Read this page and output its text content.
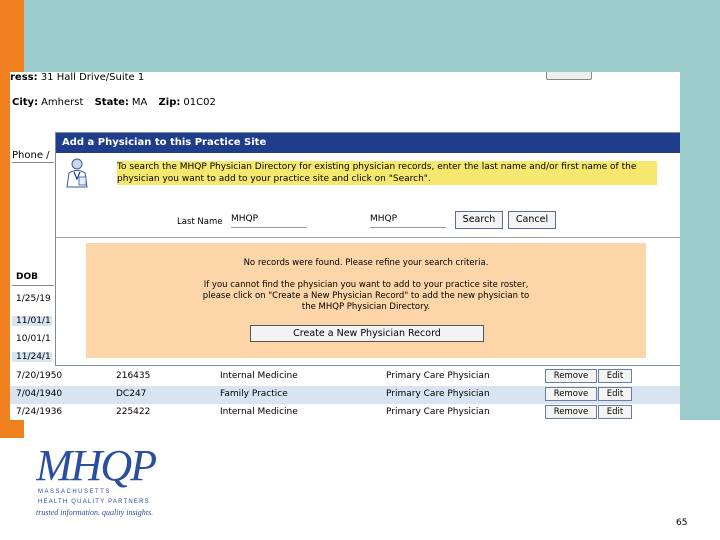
ress: 31 Hall Drive/Suite 1
City: Amherst State: MA Zip: 01C02
Phone /
DOB
1/25/19
11/01/1
10/01/1
11/24/1
7/20/1950	216435	Internal Medicine	Primary Care Physician	Remove	Edit
7/04/1940	DC247	Family Practice	Primary Care Physician	Remove	Edit
7/24/1936	225422	Internal Medicine	Primary Care Physician	Remove	Edit
Add a Physician to this Practice Site
To search the MHQP Physician Directory for existing physician records, enter the last name and/or first name of the
physician you want to add to your practice site and click on "Search".
Last Name MHQP	MHQP	Search	Cancel
No records were found. Please refine your search criteria.
If you cannot find the physician you want to add to your practice site roster,
please click on "Create a New Physician Record" to add the new physician to
the MHQP Physician Directory.
Create a New Physician Record
MHQP
MASSACHUSETTS
HEALTH QUALITY PARTNERS
trusted information. quality insights.
65
